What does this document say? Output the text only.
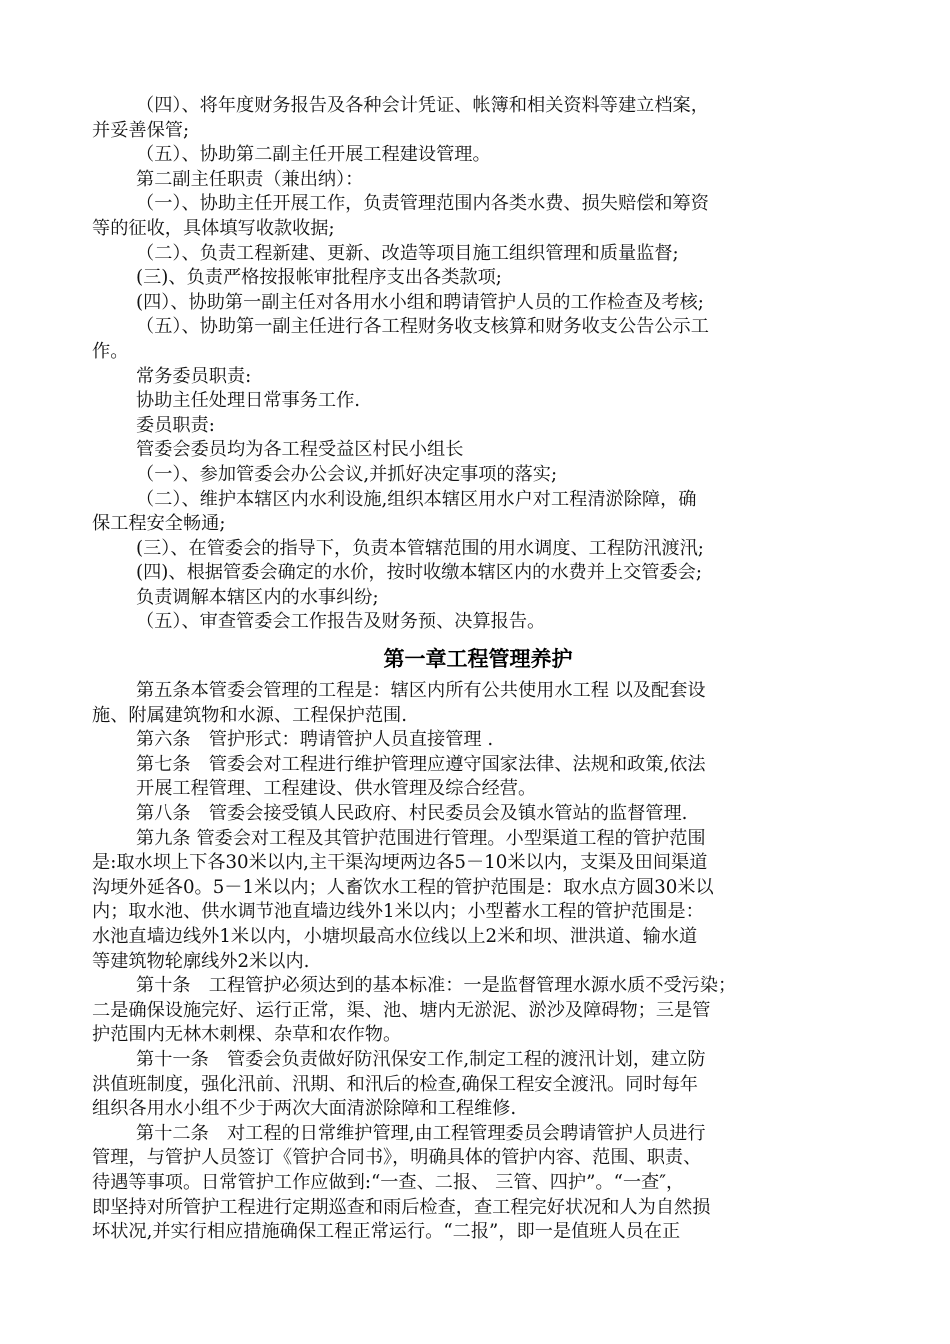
（四）、将年度财务报告及各种会计凭证、帐簿和相关资料等建立档案，
并妥善保管;
（五）、协助第二副主任开展工程建设管理。
第二副主任职责（兼出纳）：
（一）、协助主任开展工作，负责管理范围内各类水费、损失赔偿和筹资
等的征收，具体填写收款收据;
（二）、负责工程新建、更新、改造等项目施工组织管理和质量监督;
(三)、负责严格按报帐审批程序支出各类款项;
(四）、协助第一副主任对各用水小组和聘请管护人员的工作检查及考核;
（五）、协助第一副主任进行各工程财务收支核算和财务收支公告公示工
作。
常务委员职责:
协助主任处理日常事务工作.
委员职责:
管委会委员均为各工程受益区村民小组长
（一）、参加管委会办公会议,并抓好决定事项的落实;
（二）、维护本辖区内水利设施,组织本辖区用水户对工程清淤除障，确
保工程安全畅通;
(三）、在管委会的指导下，负责本管辖范围的用水调度、工程防汛渡汛;
(四)、根据管委会确定的水价，按时收缴本辖区内的水费并上交管委会;
负责调解本辖区内的水事纠纷;
（五）、审查管委会工作报告及财务预、决算报告。
第一章工程管理养护
第五条本管委会管理的工程是：辖区内所有公共使用水工程 以及配套设
施、附属建筑物和水源、工程保护范围.
第六条　管护形式：聘请管护人员直接管理 .
第七条　管委会对工程进行维护管理应遵守国家法律、法规和政策,依法
开展工程管理、工程建设、供水管理及综合经营。
第八条　管委会接受镇人民政府、村民委员会及镇水管站的监督管理.
第九条 管委会对工程及其管护范围进行管理。小型渠道工程的管护范围
是:取水坝上下各30米以内,主干渠沟埂两边各5－10米以内，支渠及田间渠道
沟埂外延各0。5－1米以内；人畜饮水工程的管护范围是：取水点方圆30米以
内；取水池、供水调节池直墙边线外1米以内；小型蓄水工程的管护范围是：
水池直墙边线外1米以内，小塘坝最高水位线以上2米和坝、泄洪道、输水道
等建筑物轮廓线外2米以内.
第十条　工程管护必须达到的基本标准：一是监督管理水源水质不受污染；
二是确保设施完好、运行正常，渠、池、塘内无淤泥、淤沙及障碍物；三是管
护范围内无林木刺棵、杂草和农作物。
第十一条　管委会负责做好防汛保安工作,制定工程的渡汛计划，建立防
洪值班制度，强化汛前、汛期、和汛后的检查,确保工程安全渡汛。同时每年
组织各用水小组不少于两次大面清淤除障和工程维修.
第十二条　对工程的日常维护管理,由工程管理委员会聘请管护人员进行
管理，与管护人员签订《管护合同书》，明确具体的管护内容、范围、职责、
待遇等事项。日常管护工作应做到:“一查、二报、 三管、四护”。“一查″，
即坚持对所管护工程进行定期巡查和雨后检查，查工程完好状况和人为自然损
坏状况,并实行相应措施确保工程正常运行。“二报”，即一是值班人员在正
